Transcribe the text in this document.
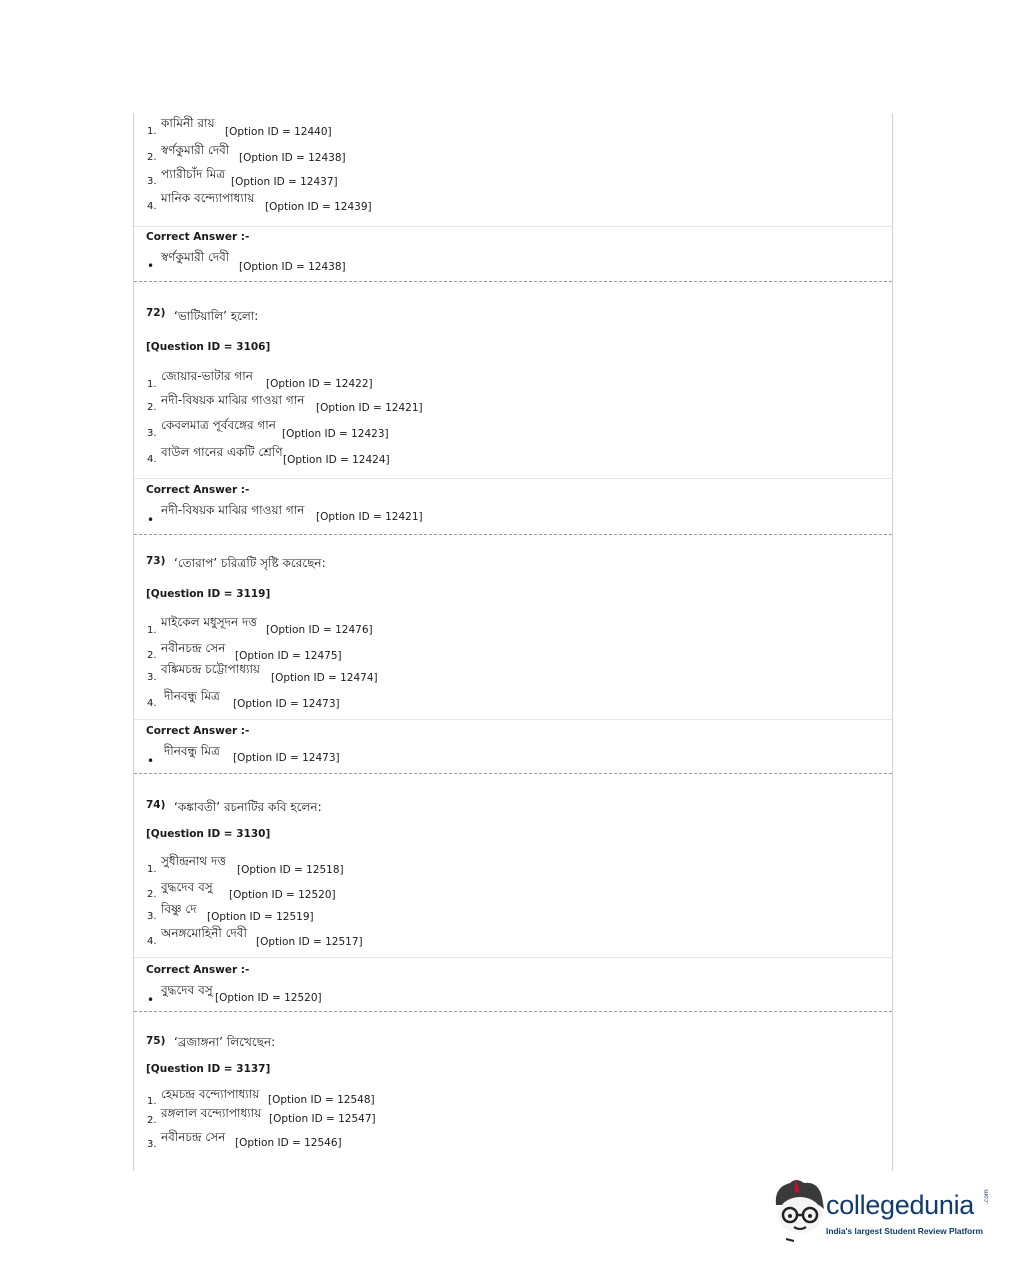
1.
কামিনী রায়
[Option ID = 12440]
2.
স্বর্ণকুমারী দেবী
[Option ID = 12438]
3.
প্যারীচাঁদ মিত্র
[Option ID = 12437]
4.
মানিক বন্দ্যোপাধ্যায়
[Option ID = 12439]
Correct Answer :-
•
স্বর্ণকুমারী দেবী
[Option ID = 12438]
72) ‘ভাটিয়ালি’ হলো:
[Question ID = 3106]
1.
জোয়ার-ভাটার গান
[Option ID = 12422]
2.
নদী-বিষয়ক মাঝির গাওয়া গান
[Option ID = 12421]
3.
কেবলমাত্র পূর্ববঙ্গের গান
[Option ID = 12423]
4.
বাউল গানের একটি শ্রেণি
[Option ID = 12424]
Correct Answer :-
•
নদী-বিষয়ক মাঝির গাওয়া গান [Option ID = 12421]
73) ‘তোরাপ’ চরিত্রটি সৃষ্টি করেছেন:
[Question ID = 3119]
1.
মাইকেল মধুসূদন দত্ত
[Option ID = 12476]
2.
নবীনচন্দ্র সেন
[Option ID = 12475]
3.
বঙ্কিমচন্দ্র চট্টোপাধ্যায়
[Option ID = 12474]
4.
দীনবন্ধু মিত্র
[Option ID = 12473]
Correct Answer :-
•
দীনবন্ধু মিত্র [Option ID = 12473]
74) ‘কঙ্কাবতী’ রচনাটির কবি হলেন:
[Question ID = 3130]
1.
সুধীন্দ্রনাথ দত্ত
[Option ID = 12518]
2.
বুদ্ধদেব বসু
[Option ID = 12520]
3.
বিষ্ণু দে
[Option ID = 12519]
4.
অনঙ্গমোহিনী দেবী
[Option ID = 12517]
Correct Answer :-
•
বুদ্ধদেব বসু
[Option ID = 12520]
75) ‘ব্রজাঙ্গনা’ লিখেছেন:
[Question ID = 3137]
1.
হেমচন্দ্র বন্দ্যোপাধ্যায় [Option ID = 12548]
2.
রঙ্গলাল বন্দ্যোপাধ্যায় [Option ID = 12547]
3.
নবীনচন্দ্র সেন [Option ID = 12546]
collegedunia .com
India's largest Student Review Platform
